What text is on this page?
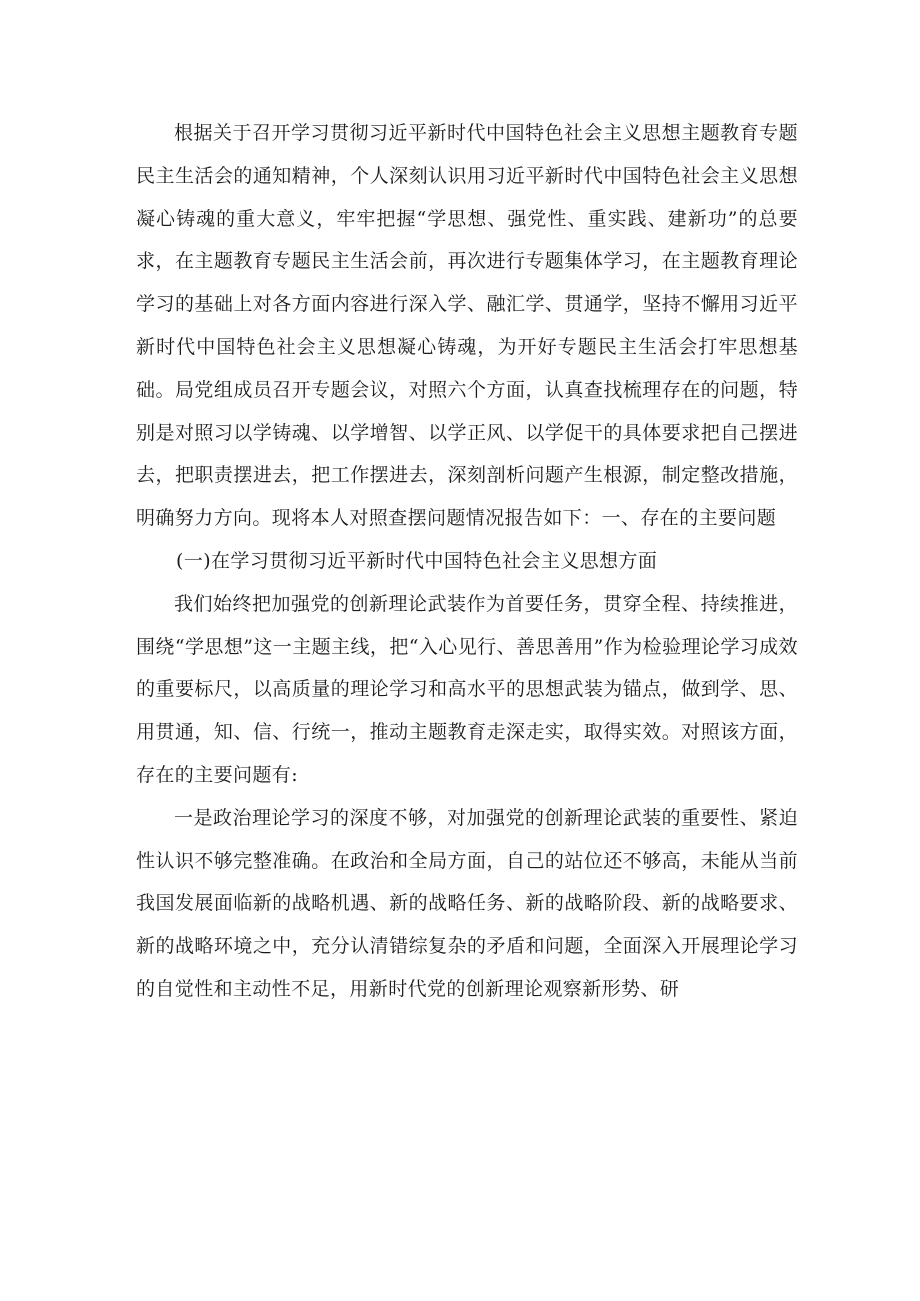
根据关于召开学习贯彻习近平新时代中国特色社会主义思想主题教育专题民主生活会的通知精神，个人深刻认识用习近平新时代中国特色社会主义思想凝心铸魂的重大意义，牢牢把握“学思想、强党性、重实践、建新功”的总要求，在主题教育专题民主生活会前，再次进行专题集体学习，在主题教育理论学习的基础上对各方面内容进行深入学、融汇学、贯通学，坚持不懈用习近平新时代中国特色社会主义思想凝心铸魂，为开好专题民主生活会打牢思想基础。局党组成员召开专题会议，对照六个方面，认真查找梳理存在的问题，特别是对照习以学铸魂、以学增智、以学正风、以学促干的具体要求把自己摆进去，把职责摆进去，把工作摆进去，深刻剖析问题产生根源，制定整改措施，明确努力方向。现将本人对照查摆问题情况报告如下：一、存在的主要问题

(一)在学习贯彻习近平新时代中国特色社会主义思想方面

我们始终把加强党的创新理论武装作为首要任务，贯穿全程、持续推进，围绕“学思想”这一主题主线，把“入心见行、善思善用”作为检验理论学习成效的重要标尺，以高质量的理论学习和高水平的思想武装为锚点，做到学、思、用贯通，知、信、行统一，推动主题教育走深走实，取得实效。对照该方面，存在的主要问题有:

一是政治理论学习的深度不够，对加强党的创新理论武装的重要性、紧迫性认识不够完整准确。在政治和全局方面，自己的站位还不够高，未能从当前我国发展面临新的战略机遇、新的战略任务、新的战略阶段、新的战略要求、新的战略环境之中，充分认清错综复杂的矛盾和问题，全面深入开展理论学习的自觉性和主动性不足，用新时代党的创新理论观察新形势、研
